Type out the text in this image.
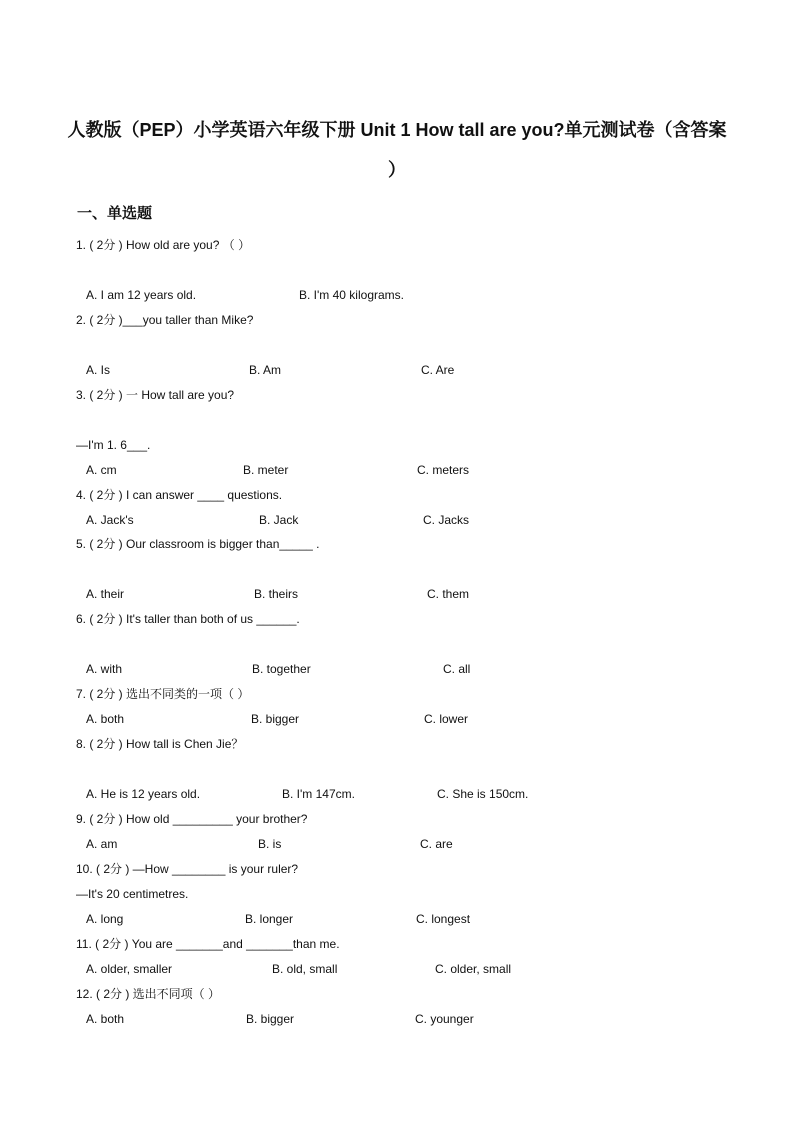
人教版（PEP）小学英语六年级下册 Unit 1 How tall are you?单元测试卷（含答案
）
一、单选题
1. ( 2分 ) How old are you? （ ）
A. I am 12 years old.	B. I'm 40 kilograms.
2. ( 2分 )___you taller than Mike?
A. Is	B. Am	C. Are
3. ( 2分 ) 一 How tall are you?
—I'm 1. 6___.
A. cm	B. meter	C. meters
4. ( 2分 ) I can answer ____ questions.
A. Jack's	B. Jack	C. Jacks
5. ( 2分 ) Our classroom is bigger than_____ .
A. their	B. theirs	C. them
6. ( 2分 ) It's taller than both of us ______.
A. with	B. together	C. all
7. ( 2分 ) 选出不同类的一项（ ）
A. both	B. bigger	C. lower
8. ( 2分 ) How tall is Chen Jie？
A. He is 12 years old.	B. I'm 147cm.	C. She is 150cm.
9. ( 2分 ) How old _________ your brother?
A. am	B. is	C. are
10. ( 2分 ) —How ________ is your ruler?
—It's 20 centimetres.
A. long	B. longer	C. longest
11. ( 2分 ) You are _______and _______than me.
A. older, smaller	B. old, small	C. older, small
12. ( 2分 ) 选出不同项（ ）
A. both	B. bigger	C. younger
